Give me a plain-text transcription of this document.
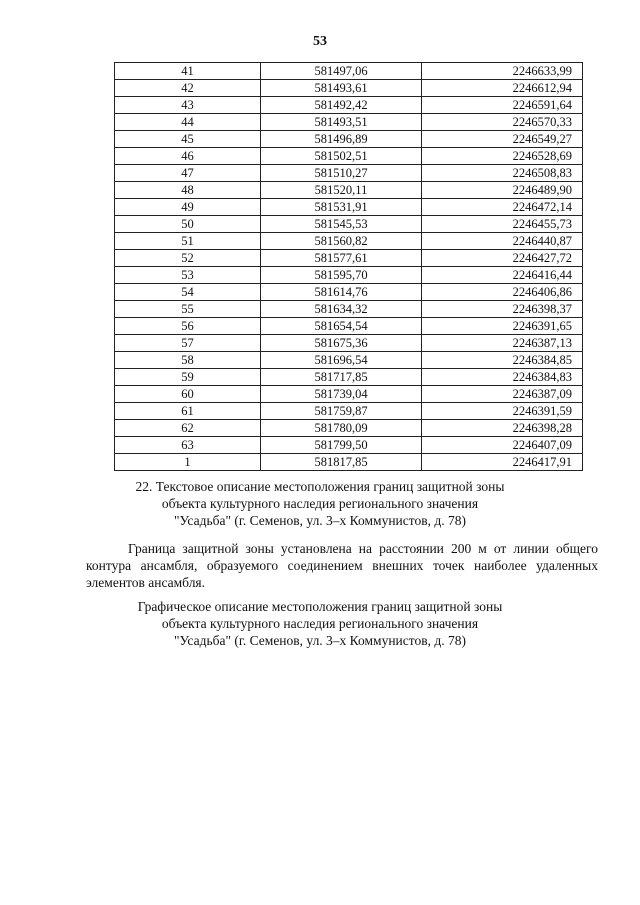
53
41	581497,06	2246633,99
42	581493,61	2246612,94
43	581492,42	2246591,64
44	581493,51	2246570,33
45	581496,89	2246549,27
46	581502,51	2246528,69
47	581510,27	2246508,83
48	581520,11	2246489,90
49	581531,91	2246472,14
50	581545,53	2246455,73
51	581560,82	2246440,87
52	581577,61	2246427,72
53	581595,70	2246416,44
54	581614,76	2246406,86
55	581634,32	2246398,37
56	581654,54	2246391,65
57	581675,36	2246387,13
58	581696,54	2246384,85
59	581717,85	2246384,83
60	581739,04	2246387,09
61	581759,87	2246391,59
62	581780,09	2246398,28
63	581799,50	2246407,09
1	581817,85	2246417,91
22. Текстовое описание местоположения границ защитной зоны
объекта культурного наследия регионального значения
"Усадьба" (г. Семенов, ул. 3–х Коммунистов, д. 78)
Граница защитной зоны установлена на расстоянии 200 м от линии общего контура ансамбля, образуемого соединением внешних точек наиболее удаленных элементов ансамбля.
Графическое описание местоположения границ защитной зоны
объекта культурного наследия регионального значения
"Усадьба" (г. Семенов, ул. 3–х Коммунистов, д. 78)
